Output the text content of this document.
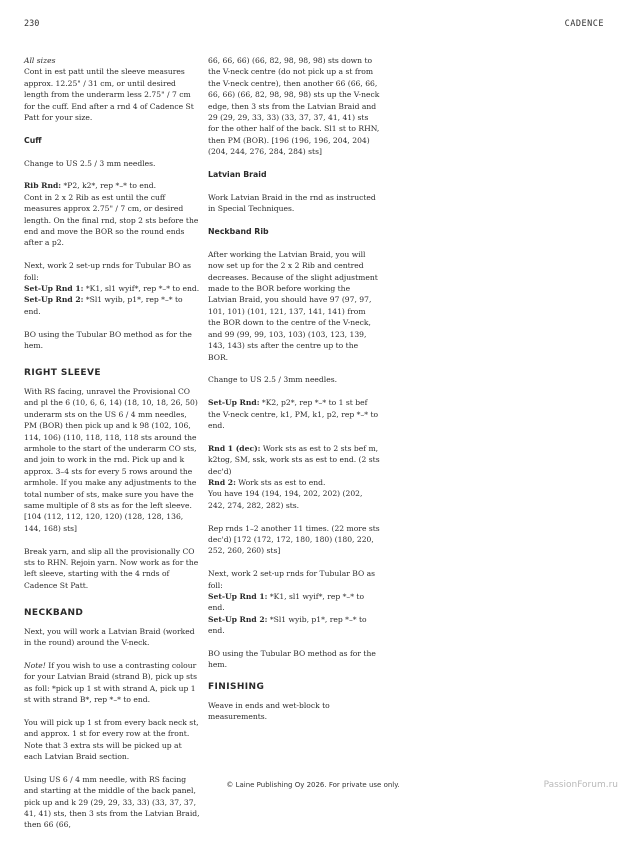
230	CADENCE

All sizes

Cont in est patt until the sleeve measures approx. 12.25" / 31 cm, or until desired length from the underarm less 2.75" / 7 cm for the cuff. End after a rnd 4 of Cadence St Patt for your size.

Cuff

Change to US 2.5 / 3 mm needles.

Rib Rnd: *P2, k2*, rep *–* to end.

Cont in 2 x 2 Rib as est until the cuff measures approx 2.75" / 7 cm, or desired length. On the final rnd, stop 2 sts before the end and move the BOR so the round ends after a p2.

Next, work 2 set-up rnds for Tubular BO as foll:

Set-Up Rnd 1: *K1, sl1 wyif*, rep *–* to end.

Set-Up Rnd 2: *Sl1 wyib, p1*, rep *–* to end.

BO using the Tubular BO method as for the hem.

RIGHT SLEEVE

With RS facing, unravel the Provisional CO and pl the 6 (10, 6, 6, 14) (18, 10, 18, 26, 50) underarm sts on the US 6 / 4 mm needles, PM (BOR) then pick up and k 98 (102, 106, 114, 106) (110, 118, 118, 118 sts around the armhole to the start of the underarm CO sts, and join to work in the rnd. Pick up and k approx. 3–4 sts for every 5 rows around the armhole. If you make any adjustments to the total number of sts, make sure you have the same multiple of 8 sts as for the left sleeve. [104 (112, 112, 120, 120) (128, 128, 136, 144, 168) sts]

Break yarn, and slip all the provisionally CO sts to RHN. Rejoin yarn. Now work as for the left sleeve, starting with the 4 rnds of Cadence St Patt.

NECKBAND

Next, you will work a Latvian Braid (worked in the round) around the V-neck.

Note! If you wish to use a contrasting colour for your Latvian Braid (strand B), pick up sts as foll: *pick up 1 st with strand A, pick up 1 st with strand B*, rep *–* to end.

You will pick up 1 st from every back neck st, and approx. 1 st for every row at the front. Note that 3 extra sts will be picked up at each Latvian Braid section.

Using US 6 / 4 mm needle, with RS facing and starting at the middle of the back panel, pick up and k 29 (29, 29, 33, 33) (33, 37, 37, 41, 41) sts, then 3 sts from the Latvian Braid, then 66 (66,

66, 66, 66) (66, 82, 98, 98, 98) sts down to the V-neck centre (do not pick up a st from the V-neck centre), then another 66 (66, 66, 66, 66) (66, 82, 98, 98, 98) sts up the V-neck edge, then 3 sts from the Latvian Braid and 29 (29, 29, 33, 33) (33, 37, 37, 41, 41) sts for the other half of the back. Sl1 st to RHN, then PM (BOR). [196 (196, 196, 204, 204) (204, 244, 276, 284, 284) sts]

Latvian Braid

Work Latvian Braid in the rnd as instructed in Special Techniques.

Neckband Rib

After working the Latvian Braid, you will now set up for the 2 x 2 Rib and centred decreases. Because of the slight adjustment made to the BOR before working the Latvian Braid, you should have 97 (97, 97, 101, 101) (101, 121, 137, 141, 141) from the BOR down to the centre of the V-neck, and 99 (99, 99, 103, 103) (103, 123, 139, 143, 143) sts after the centre up to the BOR.

Change to US 2.5 / 3mm needles.

Set-Up Rnd: *K2, p2*, rep *–* to 1 st bef the V-neck centre, k1, PM, k1, p2, rep *–* to end.

Rnd 1 (dec): Work sts as est to 2 sts bef m, k2tog, SM, ssk, work sts as est to end. (2 sts dec'd)

Rnd 2: Work sts as est to end.

You have 194 (194, 194, 202, 202) (202, 242, 274, 282, 282) sts.

Rep rnds 1–2 another 11 times. (22 more sts dec'd) [172 (172, 172, 180, 180) (180, 220, 252, 260, 260) sts]

Next, work 2 set-up rnds for Tubular BO as foll:

Set-Up Rnd 1: *K1, sl1 wyif*, rep *–* to end.

Set-Up Rnd 2: *Sl1 wyib, p1*, rep *–* to end.

BO using the Tubular BO method as for the hem.

FINISHING

Weave in ends and wet-block to measurements.

© Laine Publishing Oy 2026. For private use only.	PassionForum.ru
